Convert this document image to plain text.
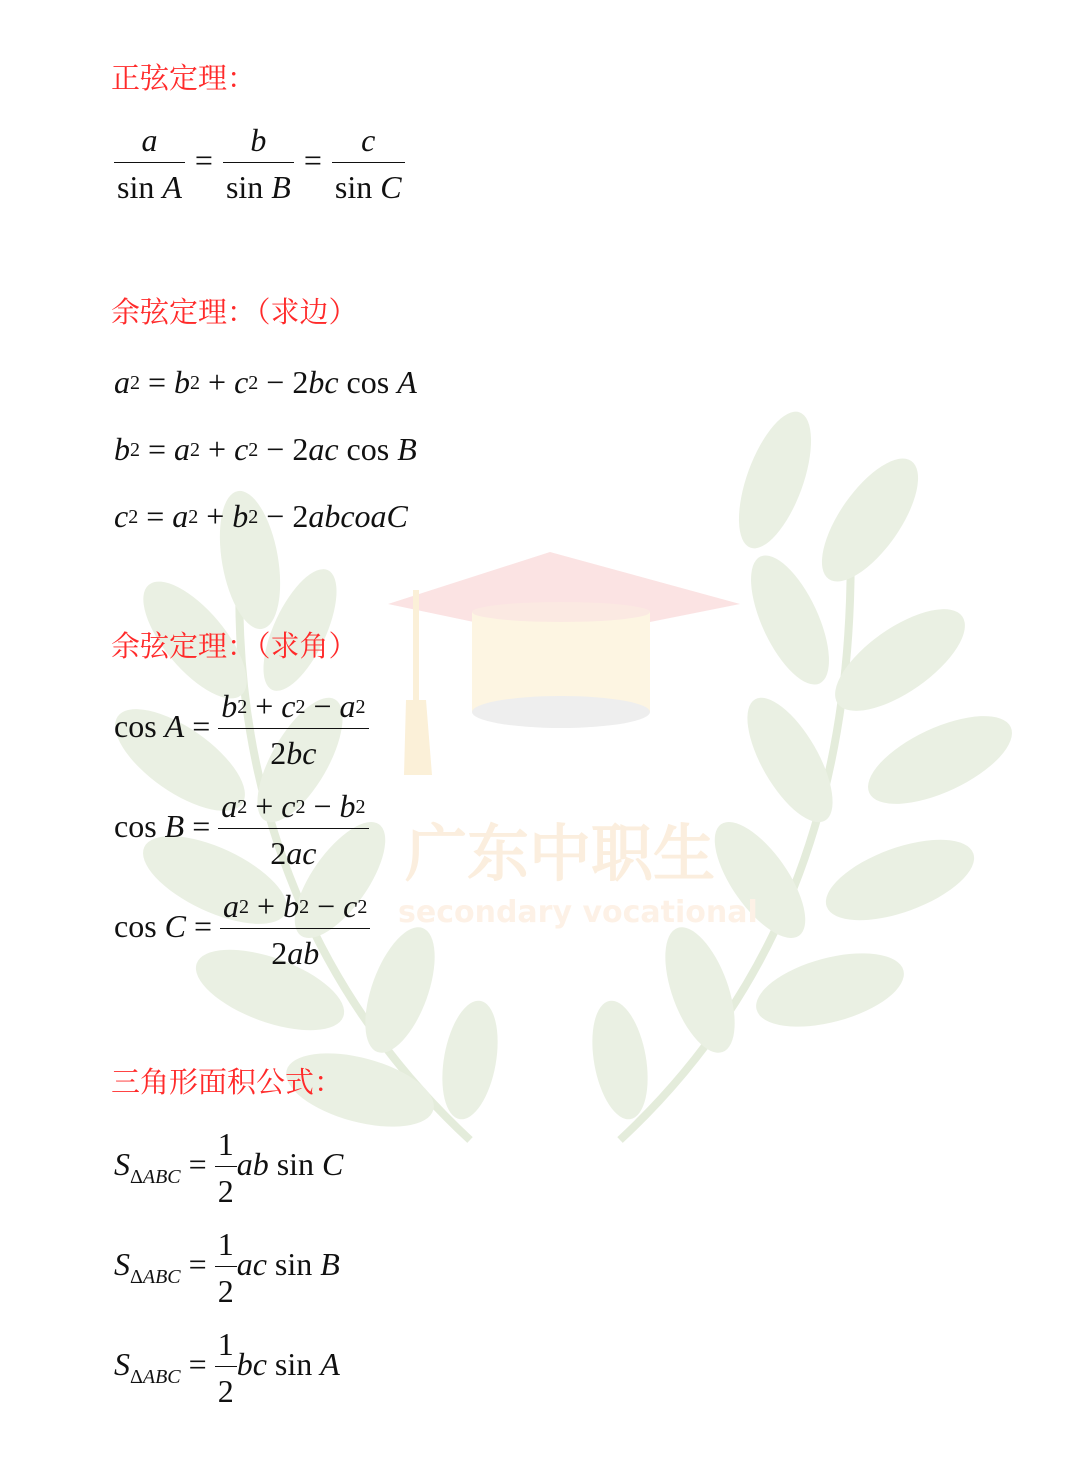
广东中职生
secondary vocational
正弦定理：
$\frac{a}{\text{sin A}} = \frac{b}{\text{sin B}} = \frac{c}{\text{sin C}}$
余弦定理：（求边）
$a^2 = b^2 + c^2 - 2bc$ cos A
$b^2 = a^2 + c^2 - 2ac$ cos B
$c^2 = a^2 + b^2$ − 2abcoaC
余弦定理：（求角）
$\cos A = \frac{b^2 + c^2 - a^2}{2bc}$
$\cos B = \frac{a^2 + c^2 - b^2}{2ac}$
$\cos C = \frac{a^2 + b^2 - c^2}{2ab}$
三角形面积公式：
$S_{\Delta ABC} = \frac{1}{2}$ ab sin C
$S_{\Delta ABC} = \frac{1}{2}$ ac sin B
$S_{\Delta ABC} = \frac{1}{2}$ bc sin A
